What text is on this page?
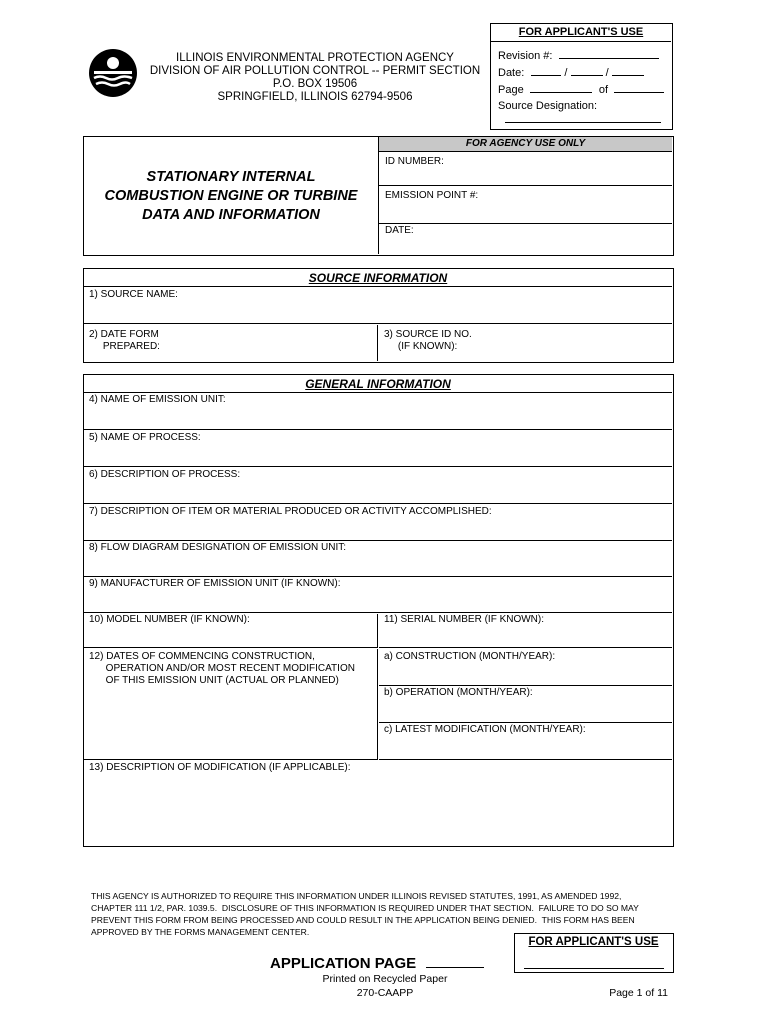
ILLINOIS ENVIRONMENTAL PROTECTION AGENCY
DIVISION OF AIR POLLUTION CONTROL -- PERMIT SECTION
P.O. BOX 19506
SPRINGFIELD, ILLINOIS 62794-9506
FOR APPLICANT'S USE
Revision #:
Date:	/	/
Page	of
Source Designation:
STATIONARY INTERNAL
COMBUSTION ENGINE OR TURBINE
DATA AND INFORMATION
FOR AGENCY USE ONLY
ID NUMBER:
EMISSION POINT #:
DATE:
SOURCE INFORMATION
1) SOURCE NAME:
2) DATE FORM
PREPARED:
3) SOURCE ID NO.
(IF KNOWN):
GENERAL INFORMATION
4) NAME OF EMISSION UNIT:
5) NAME OF PROCESS:
6) DESCRIPTION OF PROCESS:
7) DESCRIPTION OF ITEM OR MATERIAL PRODUCED OR ACTIVITY ACCOMPLISHED:
8) FLOW DIAGRAM DESIGNATION OF EMISSION UNIT:
9) MANUFACTURER OF EMISSION UNIT (IF KNOWN):
10) MODEL NUMBER (IF KNOWN):	11) SERIAL NUMBER (IF KNOWN):
12) DATES OF COMMENCING CONSTRUCTION,
OPERATION AND/OR MOST RECENT MODIFICATION
OF THIS EMISSION UNIT (ACTUAL OR PLANNED)
a) CONSTRUCTION (MONTH/YEAR):
b) OPERATION (MONTH/YEAR):
c) LATEST MODIFICATION (MONTH/YEAR):
13) DESCRIPTION OF MODIFICATION (IF APPLICABLE):
THIS AGENCY IS AUTHORIZED TO REQUIRE THIS INFORMATION UNDER ILLINOIS REVISED STATUTES, 1991, AS AMENDED 1992,
CHAPTER 111 1/2, PAR. 1039.5.  DISCLOSURE OF THIS INFORMATION IS REQUIRED UNDER THAT SECTION.  FAILURE TO DO SO MAY
PREVENT THIS FORM FROM BEING PROCESSED AND COULD RESULT IN THE APPLICATION BEING DENIED.  THIS FORM HAS BEEN
APPROVED BY THE FORMS MANAGEMENT CENTER.
FOR APPLICANT'S USE
APPLICATION PAGE
Printed on Recycled Paper
270-CAAPP	Page 1 of 11
